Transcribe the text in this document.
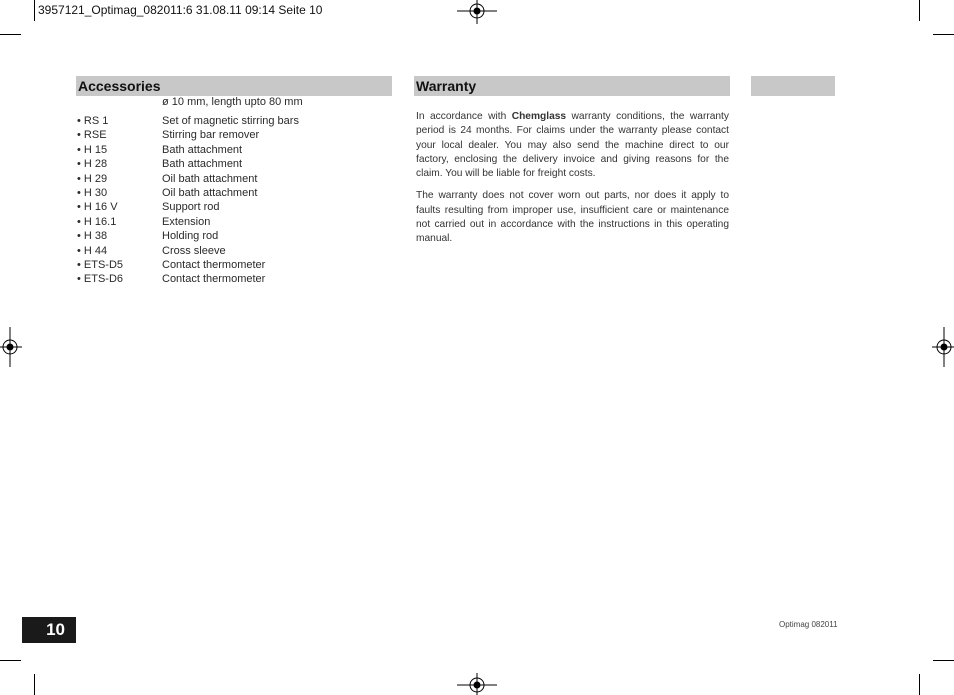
3957121_Optimag_082011:6 31.08.11 09:14 Seite 10
Accessories	Warranty
ø 10 mm, length upto 80 mm
• RS 1	Set of magnetic stirring bars
• RSE	Stirring bar remover
• H 15	Bath attachment
• H 28	Bath attachment
• H 29	Oil bath attachment
• H 30	Oil bath attachment
• H 16 V	Support rod
• H 16.1	Extension
• H 38	Holding rod
• H 44	Cross sleeve
• ETS-D5	Contact thermometer
• ETS-D6	Contact thermometer

In accordance with Chemglass warranty conditions, the warranty period is 24 months. For claims under the warranty please contact your local dealer. You may also send the machine direct to our factory, enclosing the delivery invoice and giving reasons for the claim. You will be liable for freight costs.

The warranty does not cover worn out parts, nor does it apply to faults resulting from improper use, insufficient care or maintenance not carried out in accordance with the instructions in this operating manual.

10	Optimag 082011
